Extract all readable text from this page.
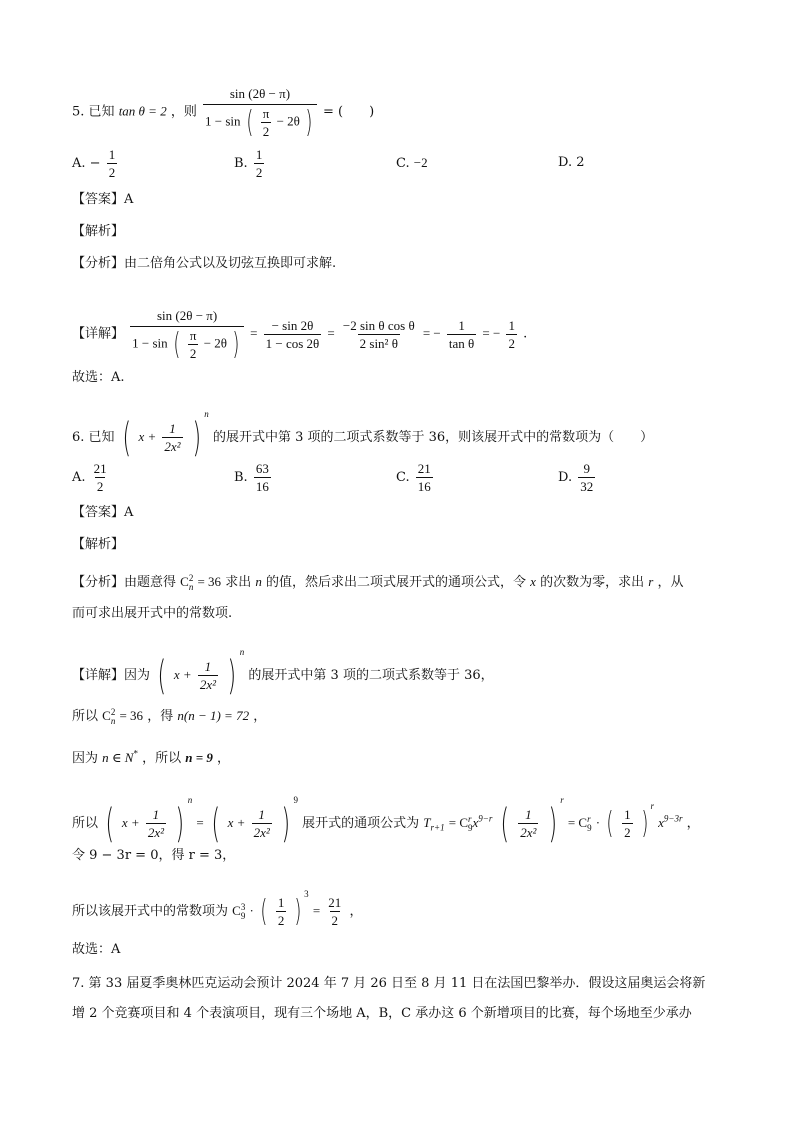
5. 已知 tan θ = 2 ，则
sin (2θ − π)
1 − sin ( $\frac{\pi}{2} - 2\theta$ ) = (　　)
A. − $\frac{1}{2}$	B. $\frac{1}{2}$	C. −2	D. 2
【答案】A
【解析】
【分析】由二倍角公式以及切弦互换即可求解.
【详解】
sin (2θ − π)
1 − sin ( $\frac{\pi}{2} - 2\theta$ ) = $\frac{- \sin 2\theta}{1 - \cos 2\theta} = \frac{\text{−2 sin θ cos θ}}{\text{2 sin² θ}}$ = − $\frac{1}{\text{tan θ}}$ = − $\frac{1}{2}$ .
故选：A.
6. 已知 ( $x + \frac{1}{\text{2x²}} )^n$ 的展开式中第 3 项的二项式系数等于 36，则该展开式中的常数项为（　　）
A. $\frac{21}{2}$	B. $\frac{63}{16}$	C. $\frac{21}{16}$	D. $\frac{9}{32}$
【答案】A
【解析】
【分析】由题意得 C 2
n = 36 求出 n 的值，然后求出二项式展开式的通项公式，令 x 的次数为零，求出 r ，从
而可求出展开式中的常数项.
【详解】因为 ( $x + \frac{1}{\text{2x²}} )^n$ 的展开式中第 3 项的二项式系数等于 36，
所以 C 2
n = 36 ，得 n(n − 1) = 72 ，
因为 n ∈ N* ，所以 n = 9 ，
所以 ( $x + \frac{1}{\text{2x²}} )^n$ = ( $x + \frac{1}{\text{2x²}} )^9$ 展开式的通项公式为 $T_{r+1} = C$ r
9 $x^{9-r}$ ( $\frac{1}{\text{2x²}} )^r = C$ r
9 · ( $\frac{1}{2}$ ) $^r$ $x^{9-3r}$ ，
令 9 − 3r = 0，得 r = 3，
所以该展开式中的常数项为 C 3
9 · ( $\frac{1}{2}$ ) $^3 = \frac{21}{2}$ ，
故选：A
7. 第 33 届夏季奥林匹克运动会预计 2024 年 7 月 26 日至 8 月 11 日在法国巴黎举办．假设这届奥运会将新
增 2 个竞赛项目和 4 个表演项目，现有三个场地 A，B，C 承办这 6 个新增项目的比赛，每个场地至少承办
